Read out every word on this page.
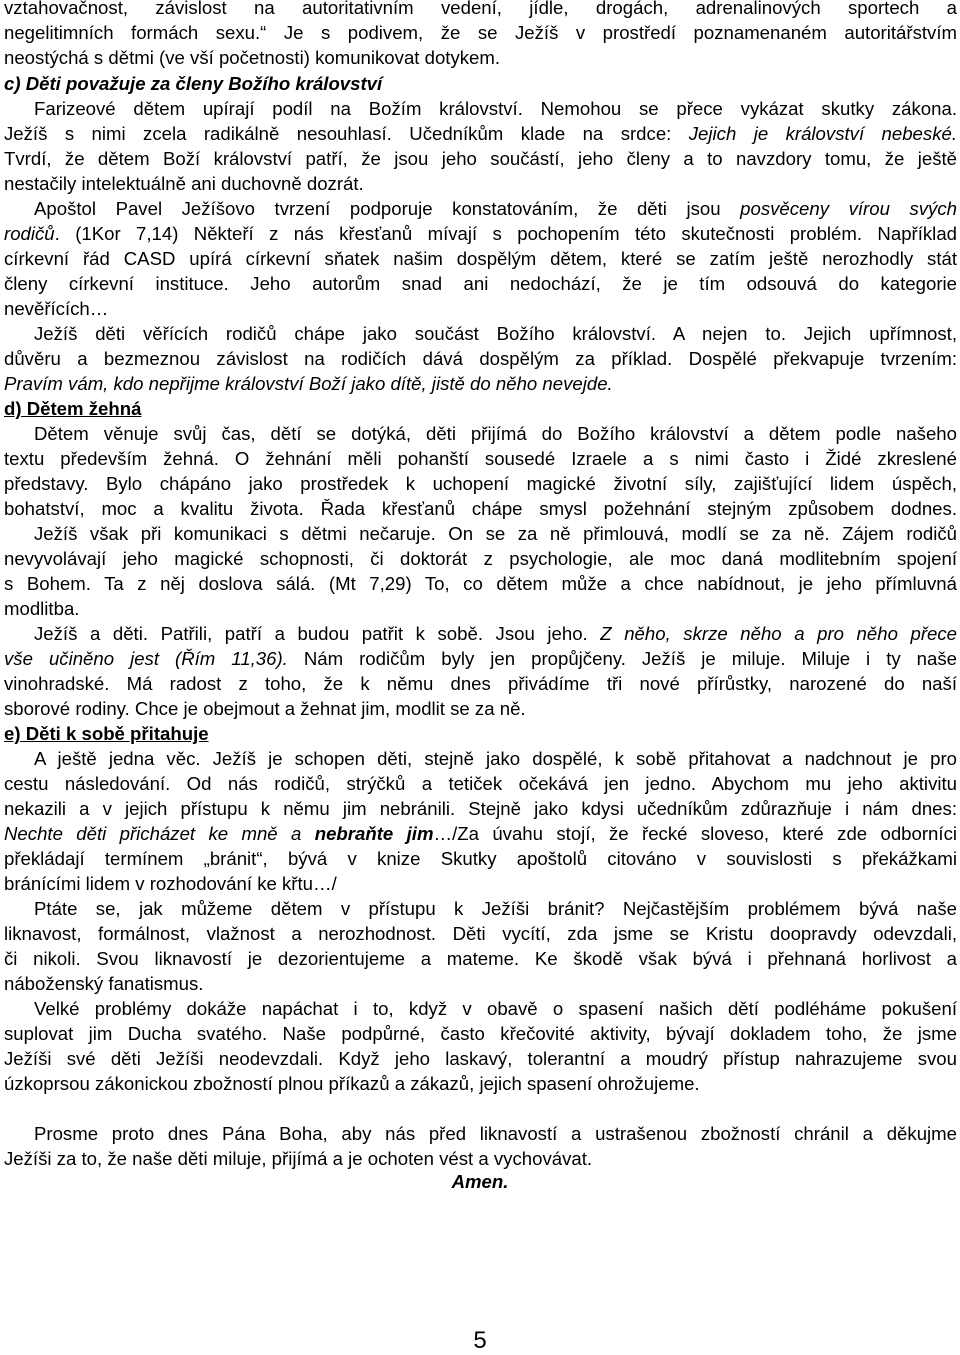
vztahovačnost, závislost na autoritativním vedení, jídle, drogách, adrenalinových sportech a
negelitimních formách sexu.“ Je s podivem, že se Ježíš v prostředí poznamenaném autoritářstvím
neostýchá s dětmi (ve vší početnosti) komunikovat dotykem.
c) Děti považuje za členy Božího království
Farizeové dětem upírají podíl na Božím království. Nemohou se přece vykázat skutky zákona.
Ježíš s nimi zcela radikálně nesouhlasí. Učedníkům klade na srdce: Jejich je království nebeské.
Tvrdí, že dětem Boží království patří, že jsou jeho součástí, jeho členy a to navzdory tomu, že ještě
nestačily intelektuálně ani duchovně dozrát.
Apoštol Pavel Ježíšovo tvrzení podporuje konstatováním, že děti jsou posvěceny vírou svých
rodičů. (1Kor 7,14) Někteří z nás křesťanů mívají s pochopením této skutečnosti problém. Například
církevní řád CASD upírá církevní sňatek našim dospělým dětem, které se zatím ještě nerozhodly stát
členy církevní instituce. Jeho autorům snad ani nedochází, že je tím odsouvá do kategorie
nevěřících…
Ježíš děti věřících rodičů chápe jako součást Božího království. A nejen to. Jejich upřímnost,
důvěru a bezmeznou závislost na rodičích dává dospělým za příklad. Dospělé překvapuje tvrzením:
Pravím vám, kdo nepřijme království Boží jako dítě, jistě do něho nevejde.
d) Dětem žehná
Dětem věnuje svůj čas, dětí se dotýká, děti přijímá do Božího království a dětem podle našeho
textu především žehná. O žehnání měli pohanští sousedé Izraele a s nimi často i Židé zkreslené
představy. Bylo chápáno jako prostředek k uchopení magické životní síly, zajišťující lidem úspěch,
bohatství, moc a kvalitu života. Řada křesťanů chápe smysl požehnání stejným způsobem dodnes.
Ježíš však při komunikaci s dětmi nečaruje. On se za ně přimlouvá, modlí se za ně. Zájem rodičů
nevyvolávají jeho magické schopnosti, či doktorát z psychologie, ale moc daná modlitebním spojení
s Bohem. Ta z něj doslova sálá. (Mt 7,29) To, co dětem může a chce nabídnout, je jeho přímluvná
modlitba.
Ježíš a děti. Patřili, patří a budou patřit k sobě. Jsou jeho. Z něho, skrze něho a pro něho přece
vše učiněno jest (Řím 11,36). Nám rodičům byly jen propůjčeny. Ježíš je miluje. Miluje i ty naše
vinohradské. Má radost z toho, že k němu dnes přivádíme tři nové přírůstky, narozené do naší
sborové rodiny. Chce je obejmout a žehnat jim, modlit se za ně.
e) Děti k sobě přitahuje
A ještě jedna věc. Ježíš je schopen děti, stejně jako dospělé, k sobě přitahovat a nadchnout je pro
cestu následování. Od nás rodičů, strýčků a tetiček očekává jen jedno. Abychom mu jeho aktivitu
nekazili a v jejich přístupu k němu jim nebránili. Stejně jako kdysi učedníkům zdůrazňuje i nám dnes:
Nechte děti přicházet ke mně a nebraňte jim…/Za úvahu stojí, že řecké sloveso, které zde odborníci
překládají termínem „bránit“, bývá v knize Skutky apoštolů citováno v souvislosti s překážkami
bránícími lidem v rozhodování ke křtu…/
Ptáte se, jak můžeme dětem v přístupu k Ježíši bránit? Nejčastějším problémem bývá naše
liknavost, formálnost, vlažnost a nerozhodnost. Děti vycítí, zda jsme se Kristu doopravdy odevzdali,
či nikoli. Svou liknavostí je dezorientujeme a mateme. Ke škodě však bývá i přehnaná horlivost a
náboženský fanatismus.
Velké problémy dokáže napáchat i to, když v obavě o spasení našich dětí podléháme pokušení
suplovat jim Ducha svatého. Naše podpůrné, často křečovité aktivity, bývají dokladem toho, že jsme
Ježíši své děti Ježíši neodevzdali. Když jeho laskavý, tolerantní a moudrý přístup nahrazujeme svou
úzkoprsou zákonickou zbožností plnou příkazů a zákazů, jejich spasení ohrožujeme.
Prosme proto dnes Pána Boha, aby nás před liknavostí a ustrašenou zbožností chránil a děkujme
Ježíši za to, že naše děti miluje, přijímá a je ochoten vést a vychovávat.
Amen.
5
